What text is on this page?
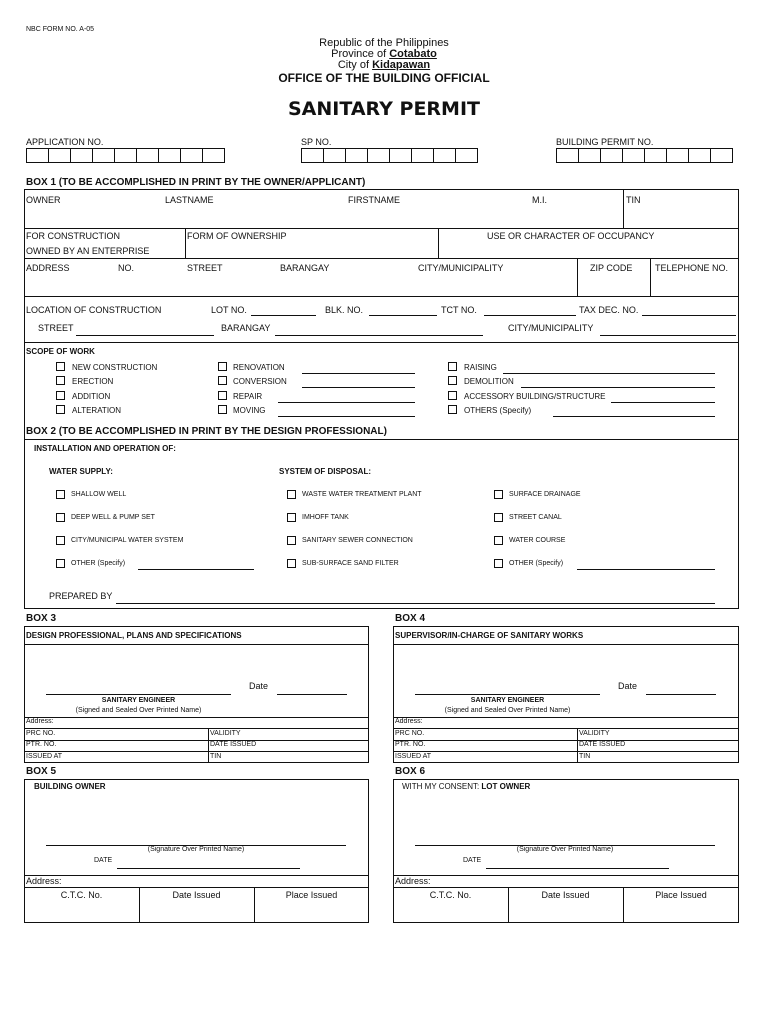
NBC FORM NO. A-05
Republic of the Philippines
Province of Cotabato
City of Kidapawan
OFFICE OF THE BUILDING OFFICIAL
SANITARY PERMIT
APPLICATION NO.	SP NO.	BUILDING PERMIT NO.
BOX 1 (TO BE ACCOMPLISHED IN PRINT BY THE OWNER/APPLICANT)
OWNER	LASTNAME	FIRSTNAME	M.I.	TIN
FOR CONSTRUCTION
OWNED BY AN ENTERPRISE
FORM OF OWNERSHIP	USE OR CHARACTER OF OCCUPANCY
ADDRESS	NO.	STREET	BARANGAY	CITY/MUNICIPALITY	ZIP CODE	TELEPHONE NO.
LOCATION OF CONSTRUCTION	LOT NO.	BLK. NO.	TCT NO.	TAX DEC. NO.
STREET	BARANGAY	CITY/MUNICIPALITY
SCOPE OF WORK
NEW CONSTRUCTION
ERECTION
ADDITION
ALTERATION
RENOVATION
CONVERSION
REPAIR
MOVING
RAISING
DEMOLITION
ACCESSORY BUILDING/STRUCTURE
OTHERS (Specify)
BOX 2 (TO BE ACCOMPLISHED IN PRINT BY THE DESIGN PROFESSIONAL)
INSTALLATION AND OPERATION OF:
WATER SUPPLY:	SYSTEM OF DISPOSAL:
SHALLOW WELL
DEEP WELL & PUMP SET
CITY/MUNICIPAL WATER SYSTEM
OTHER (Specify)
WASTE WATER TREATMENT PLANT
IMHOFF TANK
SANITARY SEWER CONNECTION
SUB-SURFACE SAND FILTER
SURFACE DRAINAGE
STREET CANAL
WATER COURSE
OTHER (Specify)
PREPARED BY
BOX 3
DESIGN PROFESSIONAL, PLANS AND SPECIFICATIONS
Date
SANITARY ENGINEER
(Signed and Sealed Over Printed Name)
Address:
PRC NO.	VALIDITY
PTR. NO.	DATE ISSUED
ISSUED AT	TIN
BOX 4
SUPERVISOR/IN-CHARGE OF SANITARY WORKS
Date
SANITARY ENGINEER
(Signed and Sealed Over Printed Name)
Address:
PRC NO.	VALIDITY
PTR. NO.	DATE ISSUED
ISSUED AT	TIN
BOX 5
BUILDING OWNER
(Signature Over Printed Name)
DATE
Address:
C.T.C. No.	Date Issued	Place Issued
BOX 6
WITH MY CONSENT: LOT OWNER
(Signature Over Printed Name)
DATE
Address:
C.T.C. No.	Date Issued	Place Issued
